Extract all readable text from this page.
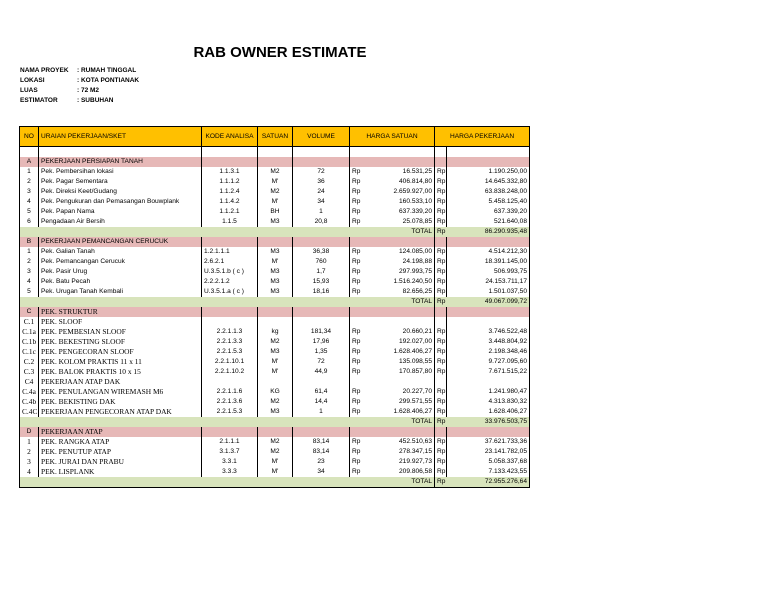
RAB OWNER ESTIMATE
NAMA PROYEK	: RUMAH TINGGAL
LOKASI	: KOTA PONTIANAK
LUAS	: 72 M2
ESTIMATOR	: SUBUHAN
NO	URAIAN PEKERJAAN/SKET	KODE ANALISA	SATUAN	VOLUME	HARGA SATUAN		HARGA PEKERJAAN	

A	PEKERJAAN PERSIAPAN TANAH							
1	Pek. Pembersihan lokasi	1.1.3.1	M2	72	Rp	16.531,25	Rp	1.190.250,00
2	Pek. Pagar Sementara	1.1.1.2	M'	36	Rp	406.814,80	Rp	14.645.332,80
3	Pek. Direksi Keet/Gudang	1.1.2.4	M2	24	Rp	2.659.927,00	Rp	63.838.248,00
4	Pek. Pengukuran dan Pemasangan Bouwplank	1.1.4.2	M'	34	Rp	160.533,10	Rp	5.458.125,40
5	Pek. Papan Nama	1.1.2.1	BH	1	Rp	637.339,20	Rp	637.339,20
6	Pengadaan Air Bersih	1.1.5	M3	20,8	Rp	25.078,85	Rp	521.640,08
						TOTAL	Rp	86.290.935,48
B	PEKERJAAN PEMANCANGAN CERUCUK							
1	Pek. Galian Tanah	1.2.1.1.1	M3	36,38	Rp	124.085,00	Rp	4.514.212,30
2	Pek. Pemancangan Cerucuk	2.6.2.1	M'	760	Rp	24.198,88	Rp	18.391.145,00
3	Pek. Pasir Urug	U.3.5.1.b ( c )	M3	1,7	Rp	297.993,75	Rp	506.993,75
4	Pek. Batu Pecah	2.2.2.1.2	M3	15,93	Rp	1.516.240,50	Rp	24.153.711,17
5	Pek. Urugan Tanah Kembali	U.3.5.1.a ( c )	M3	18,16	Rp	82.656,25	Rp	1.501.037,50
						TOTAL	Rp	49.067.099,72
C	PEK. STRUKTUR							
C.1	PEK. SLOOF							
C.1a	PEK. PEMBESIAN SLOOF	2.2.1.1.3	kg	181,34	Rp	20.660,21	Rp	3.746.522,48
C.1b	PEK. BEKESTING SLOOF	2.2.1.3.3	M2	17,96	Rp	192.027,00	Rp	3.448.804,92
C.1c	PEK. PENGECORAN SLOOF	2.2.1.5.3	M3	1,35	Rp	1.628.406,27	Rp	2.198.348,46
C.2	PEK. KOLOM PRAKTIS 11 x 11	2.2.1.10.1	M'	72	Rp	135.098,55	Rp	9.727.095,60
C.3	PEK. BALOK PRAKTIS 10 x 15	2.2.1.10.2	M'	44,9	Rp	170.857,80	Rp	7.671.515,22
C4	PEKERJAAN ATAP DAK							
C.4a	PEK. PENULANGAN WIREMASH M6	2.2.1.1.6	KG	61,4	Rp	20.227,70	Rp	1.241.980,47
C.4b	PEK. BEKISTING DAK	2.2.1.3.6	M2	14,4	Rp	299.571,55	Rp	4.313.830,32
C.4C	PEKERJAAN PENGECORAN ATAP DAK	2.2.1.5.3	M3	1	Rp	1.628.406,27	Rp	1.628.406,27
						TOTAL	Rp	33.976.503,75
D	PEKERJAAN ATAP							
1	PEK. RANGKA ATAP	2.1.1.1	M2	83,14	Rp	452.510,63	Rp	37.621.733,36
2	PEK. PENUTUP ATAP	3.1.3.7	M2	83,14	Rp	278.347,15	Rp	23.141.782,05
3	PEK. JURAI DAN PRABU	3.3.1	M'	23	Rp	219.927,73	Rp	5.058.337,68
4	PEK. LISPLANK	3.3.3	M'	34	Rp	209.806,58	Rp	7.133.423,55
						TOTAL	Rp	72.955.276,64
